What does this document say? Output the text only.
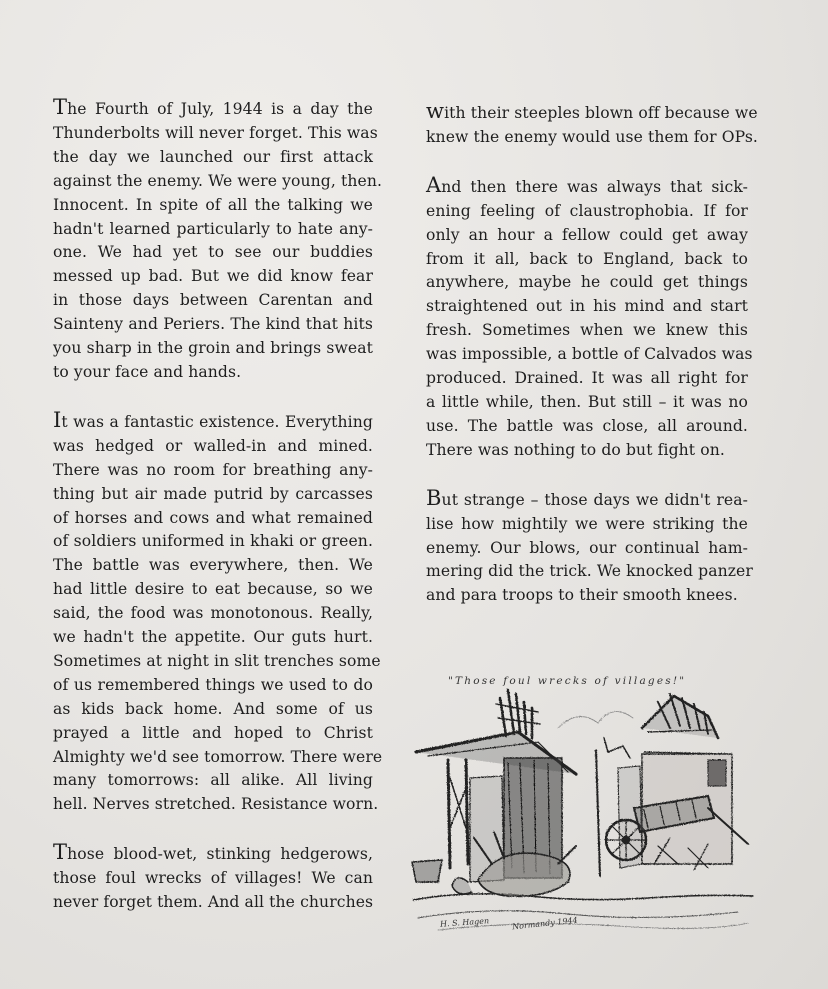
The Fourth of July, 1944 is a day the
Thunderbolts will never forget. This was
the day we launched our first attack
against the enemy. We were young, then.
Innocent. In spite of all the talking we
hadn't learned particularly to hate any-
one. We had yet to see our buddies
messed up bad. But we did know fear
in those days between Carentan and
Sainteny and Periers. The kind that hits
you sharp in the groin and brings sweat
to your face and hands.

It was a fantastic existence. Everything
was hedged or walled-in and mined.
There was no room for breathing any-
thing but air made putrid by carcasses
of horses and cows and what remained
of soldiers uniformed in khaki or green.
The battle was everywhere, then. We
had little desire to eat because, so we
said, the food was monotonous. Really,
we hadn't the appetite. Our guts hurt.
Sometimes at night in slit trenches some
of us remembered things we used to do
as kids back home. And some of us
prayed a little and hoped to Christ
Almighty we'd see tomorrow. There were
many tomorrows: all alike. All living
hell. Nerves stretched. Resistance worn.

Those blood-wet, stinking hedgerows,
those foul wrecks of villages! We can
never forget them. And all the churches

with their steeples blown off because we
knew the enemy would use them for OPs.

And then there was always that sick-
ening feeling of claustrophobia. If for
only an hour a fellow could get away
from it all, back to England, back to
anywhere, maybe he could get things
straightened out in his mind and start
fresh. Sometimes when we knew this
was impossible, a bottle of Calvados was
produced. Drained. It was all right for
a little while, then. But still – it was no
use. The battle was close, all around.
There was nothing to do but fight on.

But strange – those days we didn't rea-
lise how mightily we were striking the
enemy. Our blows, our continual ham-
mering did the trick. We knocked panzer
and para troops to their smooth knees.

"Those foul wrecks of villages!"
H. S. Hagen	Normandy 1944
